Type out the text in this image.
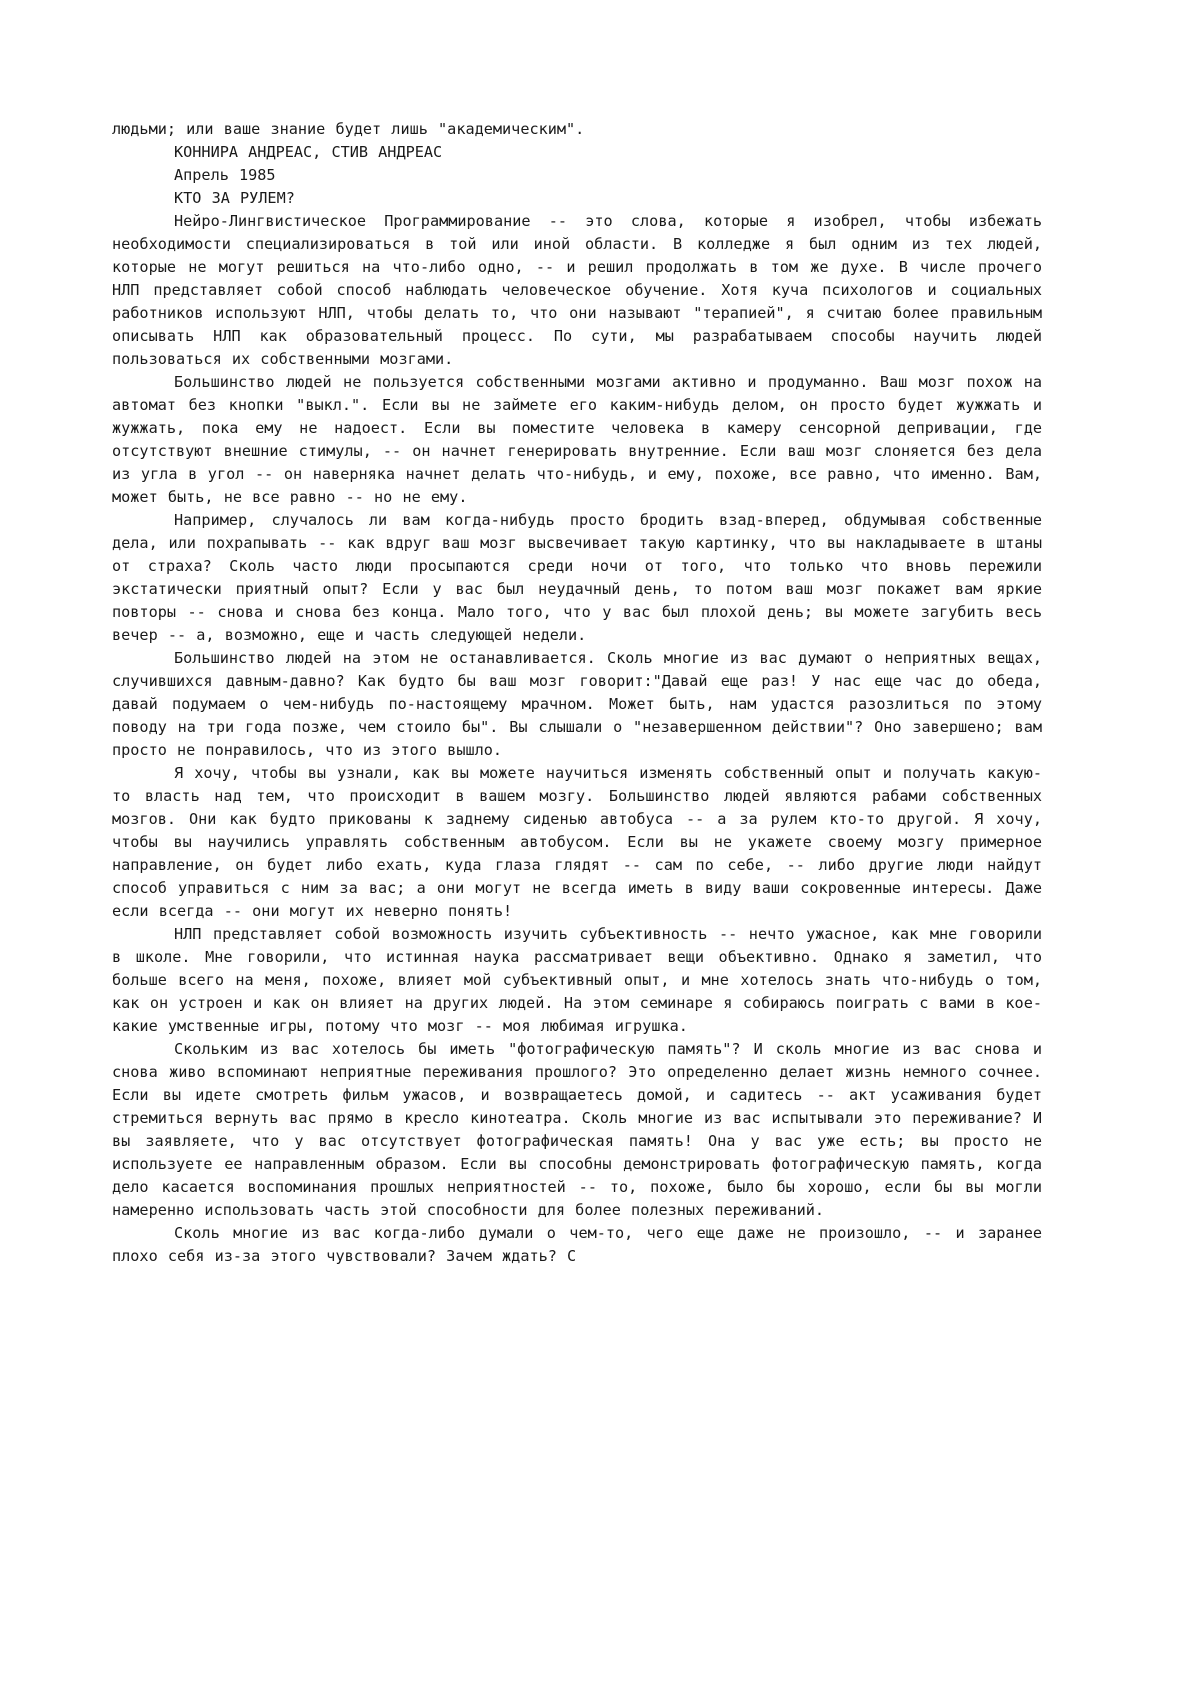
людьми; или ваше знание будет лишь "академическим".

КОННИРА АНДРЕАС, СТИВ АНДРЕАС

Апрель 1985

КТО ЗА РУЛЕМ?

Нейро-Лингвистическое Программирование -- это слова, которые я изобрел, чтобы избежать необходимости специализироваться в той или иной области. В колледже я был одним из тех людей, которые не могут решиться на что-либо одно, -- и решил продолжать в том же духе. В числе прочего НЛП представляет собой способ наблюдать человеческое обучение. Хотя куча психологов и социальных работников используют НЛП, чтобы делать то, что они называют "терапией", я считаю более правильным описывать НЛП как образовательный процесс. По сути, мы разрабатываем способы научить людей пользоваться их собственными мозгами.

Большинство людей не пользуется собственными мозгами активно и продуманно. Ваш мозг похож на автомат без кнопки "выкл.". Если вы не займете его каким-нибудь делом, он просто будет жужжать и жужжать, пока ему не надоест. Если вы поместите человека в камеру сенсорной депривации, где отсутствуют внешние стимулы, -- он начнет генерировать внутренние. Если ваш мозг слоняется без дела из угла в угол -- он наверняка начнет делать что-нибудь, и ему, похоже, все равно, что именно. Вам, может быть, не все равно -- но не ему.

Например, случалось ли вам когда-нибудь просто бродить взад-вперед, обдумывая собственные дела, или похрапывать -- как вдруг ваш мозг высвечивает такую картинку, что вы накладываете в штаны от страха? Сколь часто люди просыпаются среди ночи от того, что только что вновь пережили экстатически приятный опыт? Если у вас был неудачный день, то потом ваш мозг покажет вам яркие повторы -- снова и снова без конца. Мало того, что у вас был плохой день; вы можете загубить весь вечер -- а, возможно, еще и часть следующей недели.

Большинство людей на этом не останавливается. Сколь многие из вас думают о неприятных вещах, случившихся давным-давно? Как будто бы ваш мозг говорит:"Давай еще раз! У нас еще час до обеда, давай подумаем о чем-нибудь по-настоящему мрачном. Может быть, нам удастся разозлиться по этому поводу на три года позже, чем стоило бы". Вы слышали о "незавершенном действии"? Оно завершено; вам просто не понравилось, что из этого вышло.

Я хочу, чтобы вы узнали, как вы можете научиться изменять собственный опыт и получать какую-то власть над тем, что происходит в вашем мозгу. Большинство людей являются рабами собственных мозгов. Они как будто прикованы к заднему сиденью автобуса -- а за рулем кто-то другой. Я хочу, чтобы вы научились управлять собственным автобусом. Если вы не укажете своему мозгу примерное направление, он будет либо ехать, куда глаза глядят -- сам по себе, -- либо другие люди найдут способ управиться с ним за вас; а они могут не всегда иметь в виду ваши сокровенные интересы. Даже если всегда -- они могут их неверно понять!

НЛП представляет собой возможность изучить субъективность -- нечто ужасное, как мне говорили в школе. Мне говорили, что истинная наука рассматривает вещи объективно. Однако я заметил, что больше всего на меня, похоже, влияет мой субъективный опыт, и мне хотелось знать что-нибудь о том, как он устроен и как он влияет на других людей. На этом семинаре я собираюсь поиграть с вами в кое-какие умственные игры, потому что мозг -- моя любимая игрушка.

Скольким из вас хотелось бы иметь "фотографическую память"? И сколь многие из вас снова и снова живо вспоминают неприятные переживания прошлого? Это определенно делает жизнь немного сочнее. Если вы идете смотреть фильм ужасов, и возвращаетесь домой, и садитесь -- акт усаживания будет стремиться вернуть вас прямо в кресло кинотеатра. Сколь многие из вас испытывали это переживание? И вы заявляете, что у вас отсутствует фотографическая память! Она у вас уже есть; вы просто не используете ее направленным образом. Если вы способны демонстрировать фотографическую память, когда дело касается воспоминания прошлых неприятностей -- то, похоже, было бы хорошо, если бы вы могли намеренно использовать часть этой способности для более полезных переживаний.

Сколь многие из вас когда-либо думали о чем-то, чего еще даже не произошло, -- и заранее плохо себя из-за этого чувствовали? Зачем ждать? С
